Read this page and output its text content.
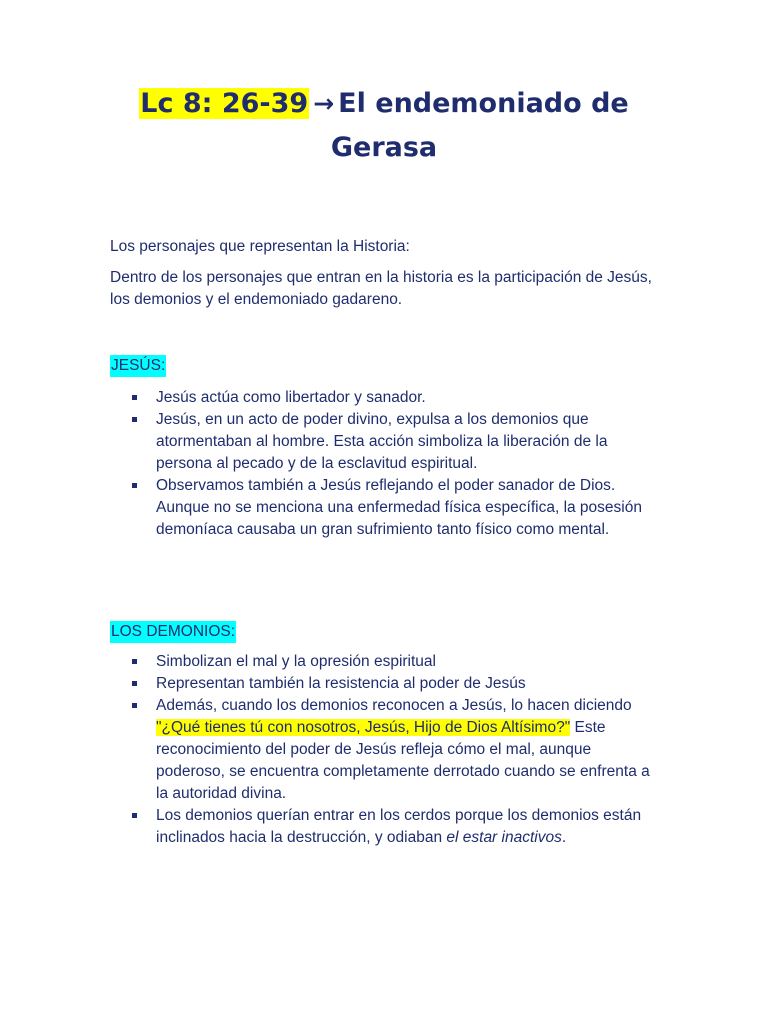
Lc 8: 26-39 → El endemoniado de
Gerasa

Los personajes que representan la Historia:

Dentro de los personajes que entran en la historia es la participación de Jesús, los demonios y el endemoniado gadareno.

JESÚS:

Jesús actúa como libertador y sanador.
Jesús, en un acto de poder divino, expulsa a los demonios que atormentaban al hombre. Esta acción simboliza la liberación de la persona al pecado y de la esclavitud espiritual.
Observamos también a Jesús reflejando el poder sanador de Dios. Aunque no se menciona una enfermedad física específica, la posesión demoníaca causaba un gran sufrimiento tanto físico como mental.

LOS DEMONIOS:

Simbolizan el mal y la opresión espiritual
Representan también la resistencia al poder de Jesús
Además, cuando los demonios reconocen a Jesús, lo hacen diciendo "¿Qué tienes tú con nosotros, Jesús, Hijo de Dios Altísimo?" Este reconocimiento del poder de Jesús refleja cómo el mal, aunque poderoso, se encuentra completamente derrotado cuando se enfrenta a la autoridad divina.
Los demonios querían entrar en los cerdos porque los demonios están inclinados hacia la destrucción, y odiaban el estar inactivos.
